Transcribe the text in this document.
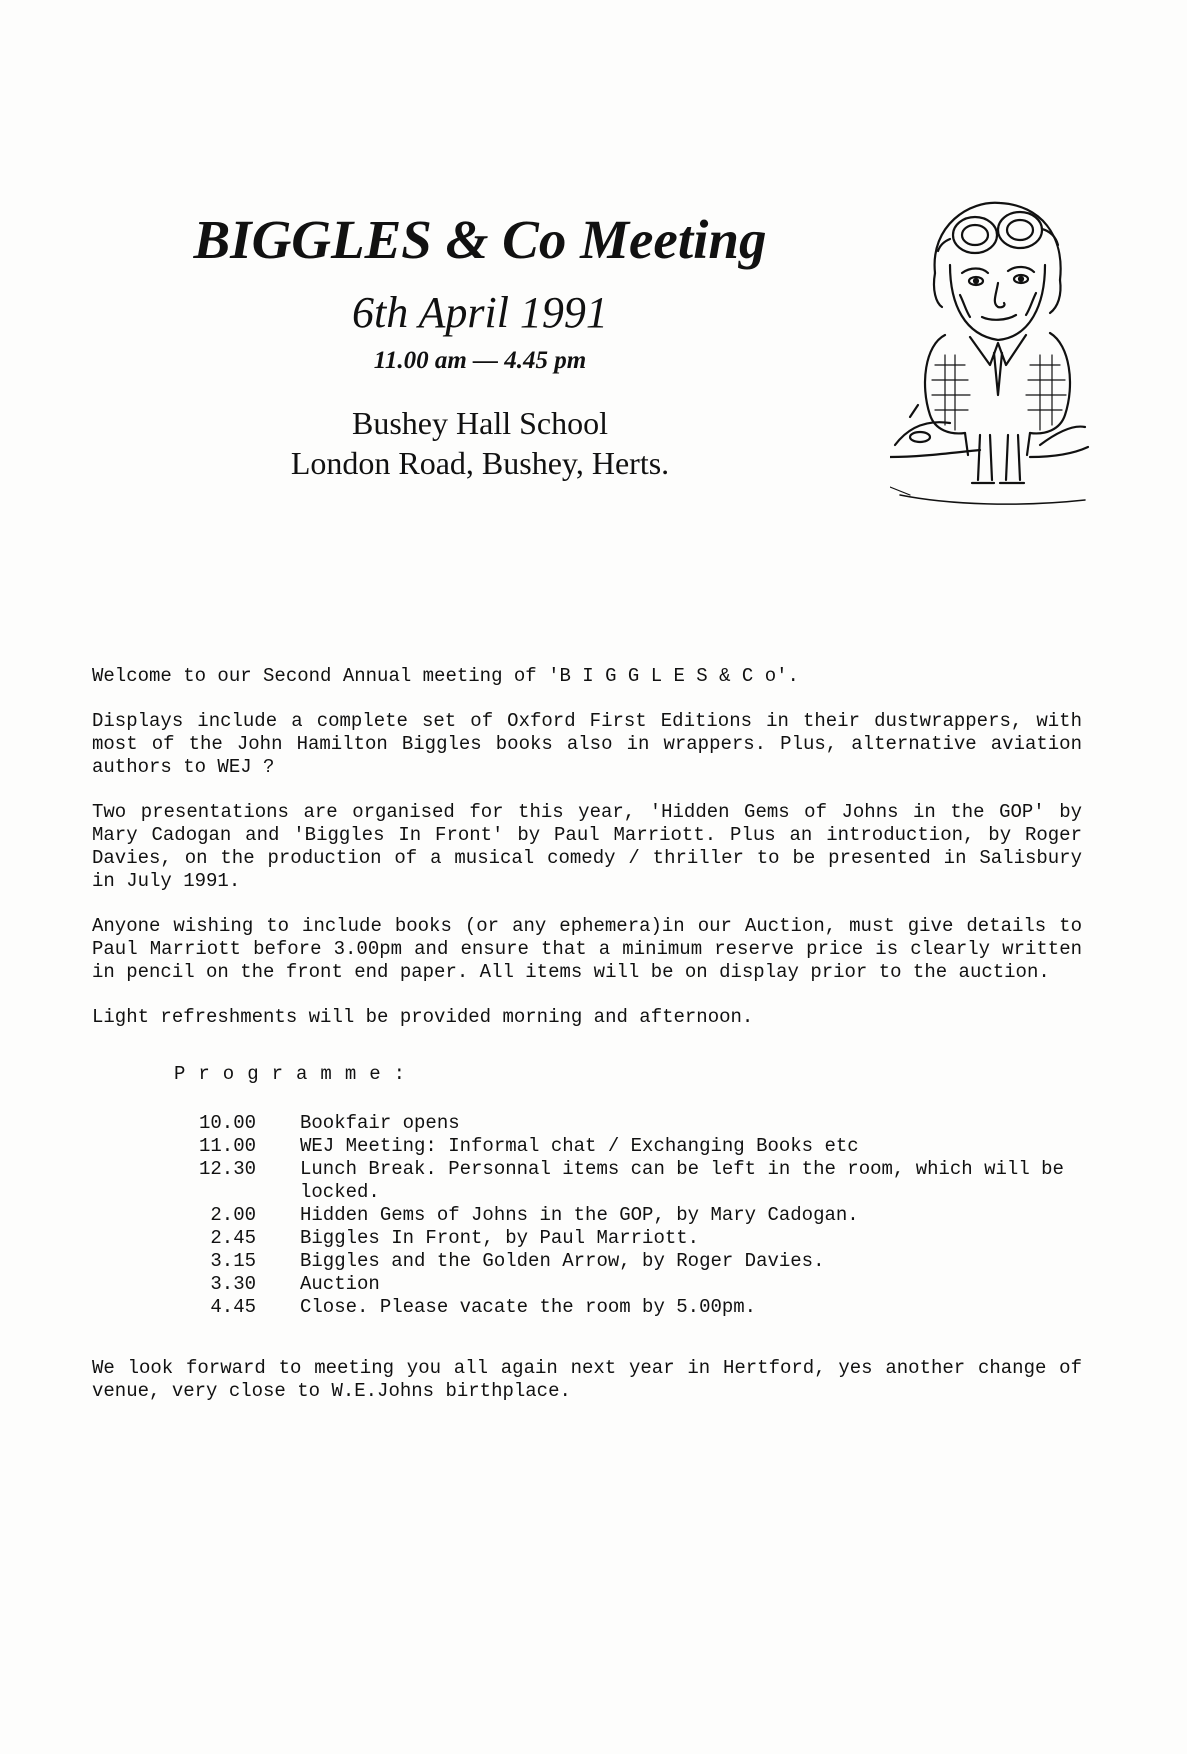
BIGGLES & Co Meeting
6th April 1991
11.00 am — 4.45 pm
Bushey Hall School
London Road, Bushey, Herts.

Welcome to our Second Annual meeting of 'B I G G L E S & C o'.

Displays include a complete set of Oxford First Editions in their dustwrappers, with most of the John Hamilton Biggles books also in wrappers. Plus, alternative aviation authors to WEJ ?

Two presentations are organised for this year, 'Hidden Gems of Johns in the GOP' by Mary Cadogan and 'Biggles In Front' by Paul Marriott. Plus an introduction, by Roger Davies, on the production of a musical comedy / thriller to be presented in Salisbury in July 1991.

Anyone wishing to include books (or any ephemera)in our Auction, must give details to Paul Marriott before 3.00pm and ensure that a minimum reserve price is clearly written in pencil on the front end paper. All items will be on display prior to the auction.

Light refreshments will be provided morning and afternoon.

Programme:
10.00 Bookfair opens
11.00 WEJ Meeting: Informal chat / Exchanging Books etc
12.30 Lunch Break. Personnal items can be left in the room, which will be locked.
2.00 Hidden Gems of Johns in the GOP, by Mary Cadogan.
2.45 Biggles In Front, by Paul Marriott.
3.15 Biggles and the Golden Arrow, by Roger Davies.
3.30 Auction
4.45 Close. Please vacate the room by 5.00pm.

We look forward to meeting you all again next year in Hertford, yes another change of venue, very close to W.E.Johns birthplace.
